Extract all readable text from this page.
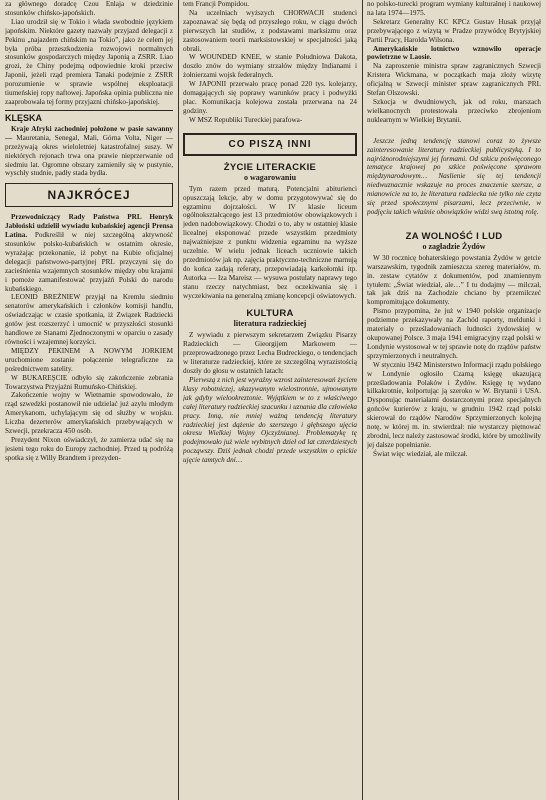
za głównego doradcę Czou Enlaja w dziedzinie stosunków chińsko-japońskich.

Liao urodził się w Tokio i włada swobodnie językiem japońskim. Niektóre gazety nazwały przyjazd delegacji z Pekinu „najazdem chińskim na Tokio”, jako że celem jej była próba przeszkodzenia rozwojowi normalnych stosunków gospodarczych między Japonią a ZSRR. Liao grozi, że Chiny podejmą odpowiednie kroki przeciw Japonii, jeżeli rząd premiera Tanaki podejmie z ZSRR porozumienie w sprawie wspólnej eksploatacji tiumeńskiej ropy naftowej. Japońska opinia publiczna nie zaaprobowała tej formy przyjazni chińsko-japońskiej.

KLĘSKA

Kraje Afryki zachodniej położone w pasie sawanny — Mauretania, Senegal, Mali, Górna Volta, Niger — przeżywają okres wieloletniej katastrofalnej suszy. W niektórych rejonach trwa ona prawie nieprzerwanie od siedmiu lat. Ogromne obszary zamieniły się w pustynie, wyschły studnie, padły stada bydła.

NAJKRÓCEJ

Przewodniczący Rady Państwa PRL Henryk Jabłoński udzielił wywiadu kubańskiej agencji Prensa Latina. Podkreślił w niej szczególną aktywność stosunków polsko-kubańskich w ostatnim okresie, wyrażając przekonanie, iż pobyt na Kubie oficjalnej delegacji państwowo-partyjnej PRL przyczyni się do zacieśnienia wzajemnych stosunków między obu krajami i pomoże zamanifestować przyjaźń Polski do narodu kubańskiego.

LEONID BREŻNIEW przyjął na Kremlu siedmiu senatorów amerykańskich i członków komisji handlu, oświadczając w czasie spotkania, iż Związek Radziecki gotów jest rozszerzyć i umocnić w przyszłości stosunki handlowe ze Stanami Zjednoczonymi w oparciu o zasady równości i wzajemnej korzyści.

MIĘDZY PEKINEM A NOWYM JORKIEM uruchomione zostanie połączenie telegraficzne za pośrednictwem satelity.

W BUKAREŞCIE odbyło się zakończenie zebrania Towarzystwa Przyjaźni Rumuńsko-Chińskiej.

Zakończenie wojny w Wietnamie spowodowało, że rząd szwedzki postanowił nie udzielać już azylu młodym Amerykanom, uchylającym się od służby w wojsku. Liczba dezerterów amerykańskich przebywających w Szwecji, przekracza 450 osób.

Prezydent Nixon oświadczył, że zamierza udać się na jesieni tego roku do Europy zachodniej. Przed tą podróżą spotka się z Willy Brandtem i prezyden-

tem Francji Pompidou.

Na uczelniach wyższych CHORWACJI studenci zapoznawać się będą od przyszłego roku, w ciągu dwóch pierwszych lat studiów, z podstawami marksizmu oraz zastosowaniem teorii marksistowskiej w specjalności jaką obrali.

W WOUNDED KNEE, w stanie Południowa Dakota, doszło znów do wymiany strzałów między Indianami i żołnierzami wojsk federalnych.

W JAPONII przerwało pracę ponad 220 tys. kolejarzy, domagających się poprawy warunków pracy i podwyżki płac. Komunikacja kolejowa została przerwana na 24 godziny.

W MSZ Republiki Tureckiej parafowa-

CO PISZĄ INNI
ŻYCIE LITERACKIE
o wagarowaniu

Tym razem przed maturą. Potencjalni abiturienci opuszczają lekcje, aby w domu przygotowywać się do egzaminu dojrzałości. W IV klasie liceum ogólnokształcącego jest 13 przedmiotów obowiązkowych i jeden nadobowiązkowy. Chodzi o to, aby w ostatniej klasie licealnej eksponować przede wszystkim przedmioty najważniejsze z punktu widzenia egzaminu na wyższe uczelnie. W wielu jednak liceach uczniowie takich przedmiotów jak np. zajęcia praktyczno-techniczne marnują do końca zadają referaty, przepowiadają karkołomki itp. Autorka — Iza Mareisz — wysuwa postulaty naprawy tego stanu rzeczy natychmiast, bez oczekiwania się i wyczekiwania na generalną zmianę koncepcji oświatowych.

KULTURA
literatura radzieckiej

Z wywiadu z pierwszym sekretarzem Związku Pisarzy Radzieckich — Gieorgijem Markowem — przeprowadzonego przez Lecha Budreckiego, o tendencjach w literaturze radzieckiej, które ze szczególną wyrazistością doszły do głosu w ostatnich latach:

Pierwszą z nich jest wyraźny wzrost zainteresowań życiem klasy robotniczej, ukazywanym wielostronnie, ujmowanym jak gdyby wielookreztonie. Wyjątkiem w to z właściwego całej literatury radzieckiej szacunku i uznania dla człowieka pracy. Inną, nie mniej ważną tendencją literatury radzieckiej jest dążenie do szerszego i głębszego ujęcia okresu Wielkiej Wojny Ojczyźnianej. Problematykę tę podejmowało już wiele wybitnych dzieł od lat czterdziestych począwszy. Dziś jednak chodzi przede wszystkim o epickie ujęcie tamtych dni…

no polsko-turecki program wymiany kulturalnej i naukowej na lata 1974—1975.

Sekretarz Generalny KC KPCz Gustav Husak przyjął przebywającego z wizytą w Pradze przywódcę Brytyjskiej Partii Pracy, Harolda Wilsona.

Amerykańskie lotnictwo wznowiło operacje powietrzne w Laosie.

Na zaproszenie ministra spraw zagranicznych Szwecji Kristera Wickmana, w początkach maja złoży wizytę oficjalną w Szwecji minister spraw zagranicznych PRL Stefan Olszowski.

Szkocja w dwudniowych, jak od roku, marszach wielkanocnych protestowała przeciwko zbrojeniom nuklearnym w Wielkiej Brytanii.

Jeszcze jedną tendencję stanowi coraz to żywsze zainteresowanie literatury radzieckiej publicystyką. I to najróżnorodniejszymi jej formami. Od szkicu poświęconego tematyce krajowej po szkice poświęcone sprawom międzynarodowym… Naslienie się tej tendencji niedwuznacznie wskazuje na proces znaczenie szersze, a mianowicie na to, że literatura radziecka nie tylko nie czyta się przed społecznymi pisarzami, lecz przeciwnie, w podjęciu takich właśnie obowiązków widzi swą istotną rolę.

ZA WOLNOŚĆ I LUD
o zagładzie Żydów

W 30 rocznicę bohaterskiego powstania Żydów w getcie warszawskim, tygodnik zamieszcza szereg materiałów, m. in. zestaw cytatów z dokumentów, pod znamiennym tytułem: „Świat wiedział, ale…” I tu dodajmy — milczał, tak jak dziś na Zachodzie chciano by przemilczeć kompromitujące dokumenty.

Pismo przypomina, że już w 1940 polskie organizacje podziemne przekazywały na Zachód raporty, meldunki i materiały o prześladowaniach ludności żydowskiej w okupowanej Polsce. 3 maja 1941 emigracyjny rząd polski w Londynie wystosował w tej sprawie notę do rządów państw sprzymierzonych i neutralnych.

W styczniu 1942 Ministerstwo Informacji rządu polskiego w Londynie ogłosiło Czarną księgę ukazującą prześladowania Polaków i Żydów. Księgę tę wydano kilkakrotnie, kolportując ją szeroko w W. Brytanii i USA. Dysponując materiałami dostarczonymi przez specjalnych gońców kurierów z kraju, w grudniu 1942 rząd polski skierował do rządów Narodów Sprzymierzonych kolejną notę, w której m. in. stwierdzał: nie wystarczy piętnować zbrodni, lecz należy zastosować środki, które by umożliwiły jej dalsze popełnianie.

Świat więc wiedział, ale milczał.
